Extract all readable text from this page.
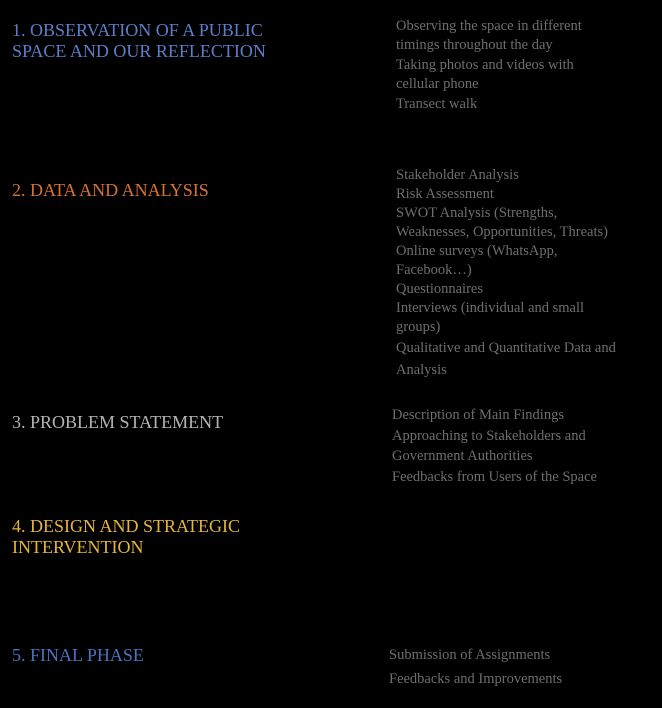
1. OBSERVATION OF A PUBLIC
SPACE AND OUR REFLECTION
Observing the space in different
timings throughout the day
Taking photos and videos with
cellular phone
Transect walk
2. DATA AND ANALYSIS
Stakeholder Analysis
Risk Assessment
SWOT Analysis (Strengths,
Weaknesses, Opportunities, Threats)
Online surveys (WhatsApp,
Facebook…)
Questionnaires
Interviews (individual and small
groups)
Qualitative and Quantitative Data and
Analysis
3. PROBLEM STATEMENT	Description of Main Findings
Approaching to Stakeholders and
Government Authorities
Feedbacks from Users of the Space
4. DESIGN AND STRATEGIC
INTERVENTION
5. FINAL PHASE	Submission of Assignments
Feedbacks and Improvements
